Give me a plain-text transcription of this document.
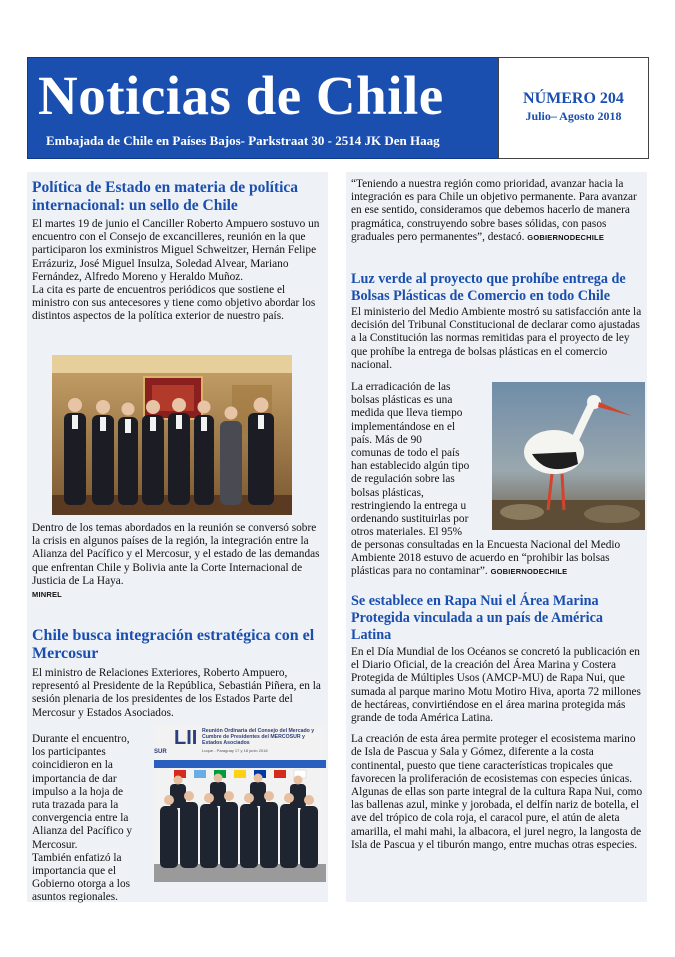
Noticias de Chile
Embajada de Chile en Países Bajos- Parkstraat 30 - 2514 JK Den Haag
NÚMERO 204
Julio– Agosto 2018
Política de Estado en materia de política internacional: un sello de Chile

El martes 19 de junio el Canciller Roberto Ampuero sostuvo un encuentro con el Consejo de excancilleres, reunión en la que participaron los exministros Miguel Schweitzer, Hernán Felipe Errázuriz, José Miguel Insulza, Soledad Alvear, Mariano Fernández, Alfredo Moreno y Heraldo Muñoz.

La cita es parte de encuentros periódicos que sostiene el ministro con sus antecesores y tiene como objetivo abordar los distintos aspectos de la política exterior de nuestro país.

Dentro de los temas abordados en la reunión se conversó sobre la crisis en algunos países de la región, la integración entre la Alianza del Pacífico y el Mercosur, y el estado de las demandas que enfrentan Chile y Bolivia ante la Corte Internacional de Justicia de La Haya.

MINREL
Chile busca integración estratégica con el Mercosur

El ministro de Relaciones Exteriores, Roberto Ampuero, representó al Presidente de la República, Sebastián Piñera, en la sesión plenaria de los presidentes de los Estados Parte del Mercosur y Estados Asociados.

Durante el encuentro,
los participantes
coincidieron en la
importancia de dar
impulso a la hoja de
ruta trazada para la
convergencia entre la
Alianza del Pacífico y
Mercosur.
También enfatizó la
importancia que el
Gobierno otorga a los
asuntos regionales.
LII Reunión Ordinaria del Consejo del Mercado y Cumbre de Presidentes del MERCOSUR y Estados Asociados
Luque - Paraguay 17 y 18 junio 2018
SUR

“Teniendo a nuestra región como prioridad, avanzar hacia la integración es para Chile un objetivo permanente. Para avanzar en ese sentido, consideramos que debemos hacerlo de manera pragmática, construyendo sobre bases sólidas, con pasos graduales pero permanentes”, destacó. GOBIERNODECHILE

Luz verde al proyecto que prohíbe entrega de Bolsas Plásticas de Comercio en todo Chile

El ministerio del Medio Ambiente mostró su satisfacción ante la decisión del Tribunal Constitucional de declarar como ajustadas a la Constitución las normas remitidas para el proyecto de ley que prohíbe la entrega de bolsas plásticas en el comercio nacional.

La erradicación de las
bolsas plásticas es una
medida que lleva tiempo
implementándose en el
país. Más de 90
comunas de todo el país
han establecido algún tipo
de regulación sobre las
bolsas plásticas,
restringiendo la entrega u
ordenando sustituirlas por
otros materiales. El 95%

de personas consultadas en la Encuesta Nacional del Medio Ambiente 2018 estuvo de acuerdo en “prohibir las bolsas plásticas para no contaminar”. GOBIERNODECHILE

Se establece en Rapa Nui el Área Marina Protegida vinculada a un país de América Latina

En el Día Mundial de los Océanos se concretó la publicación en el Diario Oficial, de la creación del Área Marina y Costera Protegida de Múltiples Usos (AMCP-MU) de Rapa Nui, que sumada al parque marino Motu Motiro Hiva, aporta 72 millones de hectáreas, convirtiéndose en el área marina protegida más grande de toda América Latina.

La creación de esta área permite proteger el ecosistema marino de Isla de Pascua y Sala y Gómez, diferente a la costa continental, puesto que tiene características tropicales que favorecen la proliferación de ecosistemas con especies únicas.

Algunas de ellas son parte integral de la cultura Rapa Nui, como las ballenas azul, minke y jorobada, el delfín nariz de botella, el ave del trópico de cola roja, el caracol pure, el atún de aleta amarilla, el mahi mahi, la albacora, el jurel negro, la langosta de Isla de Pascua y el tiburón mango, entre muchas otras especies.
